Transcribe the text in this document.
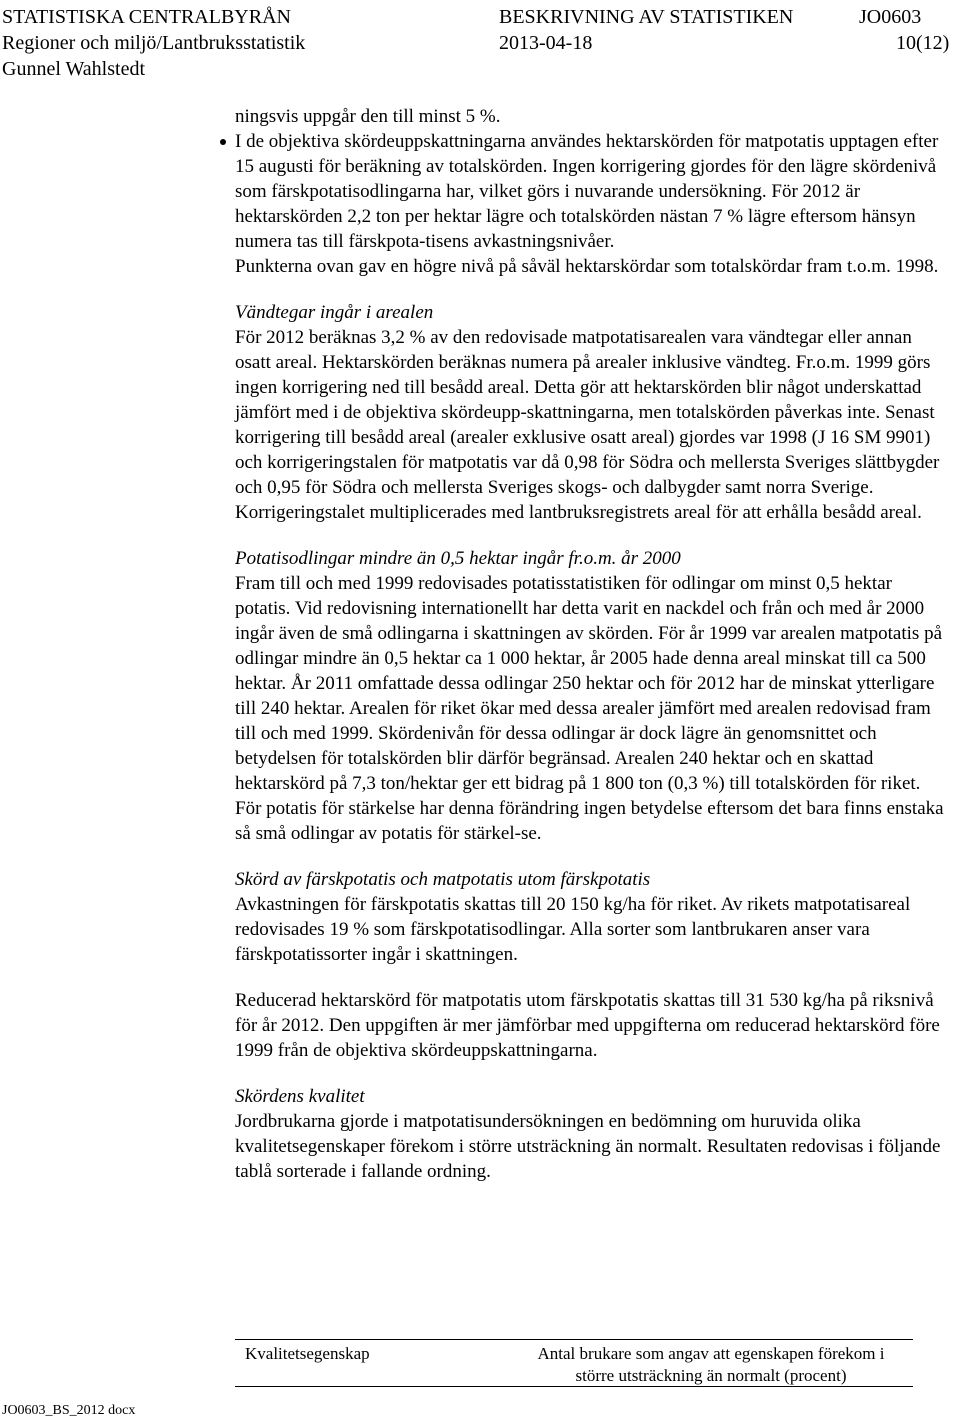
STATISTISKA CENTRALBYRÅN	BESKRIVNING AV STATISTIKEN	JO0603
Regioner och miljö/Lantbruksstatistik	2013-04-18	10(12)
Gunnel Wahlstedt

ningsvis uppgår den till minst 5 %.

I de objektiva skördeuppskattningarna användes hektarskörden för matpotatis upptagen efter 15 augusti för beräkning av totalskörden. Ingen korrigering gjordes för den lägre skördenivå som färskpotatisodlingarna har, vilket görs i nuvarande undersökning. För 2012 är hektarskörden 2,2 ton per hektar lägre och totalskörden nästan 7 % lägre eftersom hänsyn numera tas till färskpota-tisens avkastningsnivåer.

Punkterna ovan gav en högre nivå på såväl hektarskördar som totalskördar fram t.o.m. 1998.

Vändtegar ingår i arealen

För 2012 beräknas 3,2 % av den redovisade matpotatisarealen vara vändtegar eller annan osatt areal. Hektarskörden beräknas numera på arealer inklusive vändteg. Fr.o.m. 1999 görs ingen korrigering ned till besådd areal. Detta gör att hektarskörden blir något underskattad jämfört med i de objektiva skördeupp-skattningarna, men totalskörden påverkas inte. Senast korrigering till besådd areal (arealer exklusive osatt areal) gjordes var 1998 (J 16 SM 9901) och korrigeringstalen för matpotatis var då 0,98 för Södra och mellersta Sveriges slättbygder och 0,95 för Södra och mellersta Sveriges skogs- och dalbygder samt norra Sverige. Korrigeringstalet multiplicerades med lantbruksregistrets areal för att erhålla besådd areal.

Potatisodlingar mindre än 0,5 hektar ingår fr.o.m. år 2000

Fram till och med 1999 redovisades potatisstatistiken för odlingar om minst 0,5 hektar potatis. Vid redovisning internationellt har detta varit en nackdel och från och med år 2000 ingår även de små odlingarna i skattningen av skörden. För år 1999 var arealen matpotatis på odlingar mindre än 0,5 hektar ca 1 000 hektar, år 2005 hade denna areal minskat till ca 500 hektar. År 2011 omfattade dessa odlingar 250 hektar och för 2012 har de minskat ytterligare till 240 hektar. Arealen för riket ökar med dessa arealer jämfört med arealen redovisad fram till och med 1999. Skördenivån för dessa odlingar är dock lägre än genomsnittet och betydelsen för totalskörden blir därför begränsad. Arealen 240 hektar och en skattad hektarskörd på 7,3 ton/hektar ger ett bidrag på 1 800 ton (0,3 %) till totalskörden för riket. För potatis för stärkelse har denna förändring ingen betydelse eftersom det bara finns enstaka så små odlingar av potatis för stärkel-se.

Skörd av färskpotatis och matpotatis utom färskpotatis

Avkastningen för färskpotatis skattas till 20 150 kg/ha för riket. Av rikets matpotatisareal redovisades 19 % som färskpotatisodlingar. Alla sorter som lantbrukaren anser vara färskpotatissorter ingår i skattningen.

Reducerad hektarskörd för matpotatis utom färskpotatis skattas till 31 530 kg/ha på riksnivå för år 2012. Den uppgiften är mer jämförbar med uppgifterna om reducerad hektarskörd före 1999 från de objektiva skördeuppskattningarna.

Skördens kvalitet

Jordbrukarna gjorde i matpotatisundersökningen en bedömning om huruvida olika kvalitetsegenskaper förekom i större utsträckning än normalt. Resultaten redovisas i följande tablå sorterade i fallande ordning.

Kvalitetsegenskap	Antal brukare som angav att egenskapen förekom i
större utsträckning än normalt (procent)
JO0603_BS_2012 docx
